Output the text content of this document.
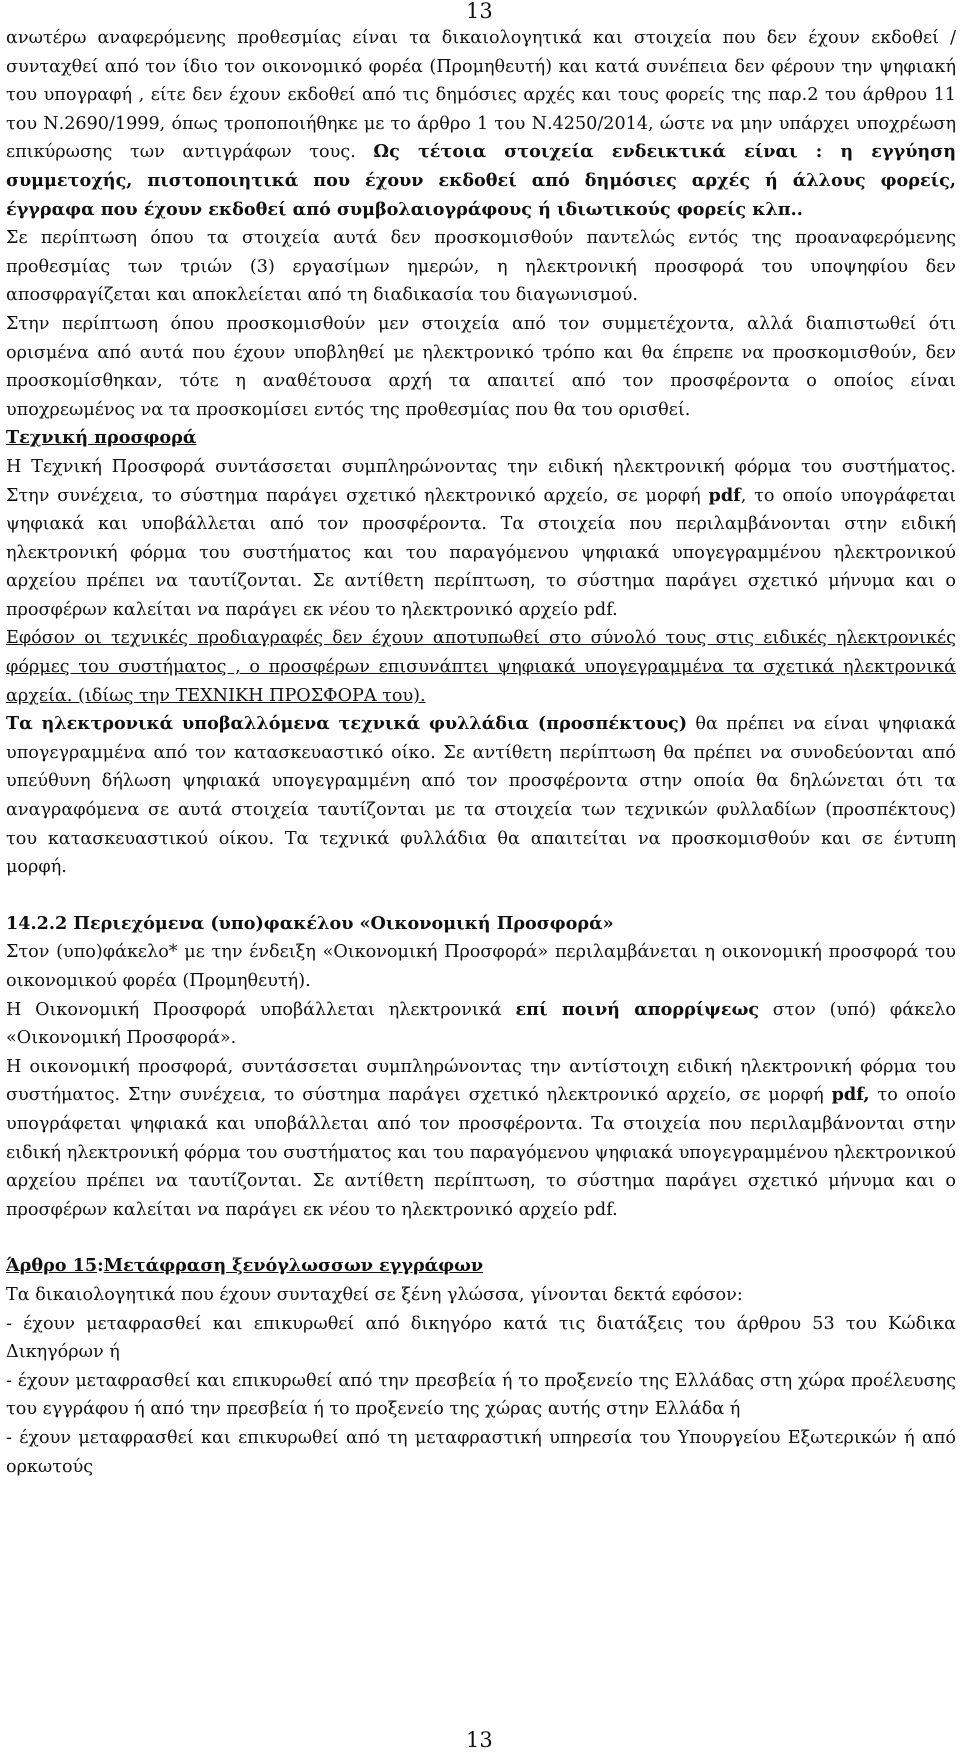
13

ανωτέρω αναφερόμενης προθεσμίας είναι τα δικαιολογητικά και στοιχεία που δεν έχουν εκδοθεί /συνταχθεί από τον ίδιο τον οικονομικό φορέα (Προμηθευτή) και κατά συνέπεια δεν φέρουν την ψηφιακή του υπογραφή , είτε δεν έχουν εκδοθεί από τις δημόσιες αρχές και τους φορείς της παρ.2 του άρθρου 11 του Ν.2690/1999, όπως τροποποιήθηκε με το άρθρο 1 του Ν.4250/2014, ώστε να μην υπάρχει υποχρέωση επικύρωσης των αντιγράφων τους. Ως τέτοια στοιχεία ενδεικτικά είναι : η εγγύηση συμμετοχής, πιστοποιητικά που έχουν εκδοθεί από δημόσιες αρχές ή άλλους φορείς, έγγραφα που έχουν εκδοθεί από συμβολαιογράφους ή ιδιωτικούς φορείς κλπ..

Σε περίπτωση όπου τα στοιχεία αυτά δεν προσκομισθούν παντελώς εντός της προαναφερόμενης προθεσμίας των τριών (3) εργασίμων ημερών, η ηλεκτρονική προσφορά του υποψηφίου δεν αποσφραγίζεται και αποκλείεται από τη διαδικασία του διαγωνισμού.

Στην περίπτωση όπου προσκομισθούν μεν στοιχεία από τον συμμετέχοντα, αλλά διαπιστωθεί ότι ορισμένα από αυτά που έχουν υποβληθεί με ηλεκτρονικό τρόπο και θα έπρεπε να προσκομισθούν, δεν προσκομίσθηκαν, τότε η αναθέτουσα αρχή τα απαιτεί από τον προσφέροντα ο οποίος είναι υποχρεωμένος να τα προσκομίσει εντός της προθεσμίας που θα του ορισθεί.

Τεχνική προσφορά

Η Τεχνική Προσφορά συντάσσεται συμπληρώνοντας την ειδική ηλεκτρονική φόρμα του συστήματος. Στην συνέχεια, το σύστημα παράγει σχετικό ηλεκτρονικό αρχείο, σε μορφή pdf, το οποίο υπογράφεται ψηφιακά και υποβάλλεται από τον προσφέροντα. Τα στοιχεία που περιλαμβάνονται στην ειδική ηλεκτρονική φόρμα του συστήματος και του παραγόμενου ψηφιακά υπογεγραμμένου ηλεκτρονικού αρχείου πρέπει να ταυτίζονται. Σε αντίθετη περίπτωση, το σύστημα παράγει σχετικό μήνυμα και ο προσφέρων καλείται να παράγει εκ νέου το ηλεκτρονικό αρχείο pdf.

Εφόσον οι τεχνικές προδιαγραφές δεν έχουν αποτυπωθεί στο σύνολό τους στις ειδικές ηλεκτρονικές φόρμες του συστήματος , ο προσφέρων επισυνάπτει ψηφιακά υπογεγραμμένα τα σχετικά ηλεκτρονικά αρχεία. (ιδίως την ΤΕΧΝΙΚΗ ΠΡΟΣΦΟΡΑ του).

Τα ηλεκτρονικά υποβαλλόμενα τεχνικά φυλλάδια (προσπέκτους) θα πρέπει να είναι ψηφιακά υπογεγραμμένα από τον κατασκευαστικό οίκο. Σε αντίθετη περίπτωση θα πρέπει να συνοδεύονται από υπεύθυνη δήλωση ψηφιακά υπογεγραμμένη από τον προσφέροντα στην οποία θα δηλώνεται ότι τα αναγραφόμενα σε αυτά στοιχεία ταυτίζονται με τα στοιχεία των τεχνικών φυλλαδίων (προσπέκτους) του κατασκευαστικού οίκου. Τα τεχνικά φυλλάδια θα απαιτείται να προσκομισθούν και σε έντυπη μορφή.

14.2.2 Περιεχόμενα (υπο)φακέλου «Οικονομική Προσφορά»

Στον (υπο)φάκελο* με την ένδειξη «Οικονομική Προσφορά» περιλαμβάνεται η οικονομική προσφορά του οικονομικού φορέα (Προμηθευτή).

Η Οικονομική Προσφορά υποβάλλεται ηλεκτρονικά επί ποινή απορρίψεως στον (υπό) φάκελο «Οικονομική Προσφορά».

Η οικονομική προσφορά, συντάσσεται συμπληρώνοντας την αντίστοιχη ειδική ηλεκτρονική φόρμα του συστήματος. Στην συνέχεια, το σύστημα παράγει σχετικό ηλεκτρονικό αρχείο, σε μορφή pdf, το οποίο υπογράφεται ψηφιακά και υποβάλλεται από τον προσφέροντα. Τα στοιχεία που περιλαμβάνονται στην ειδική ηλεκτρονική φόρμα του συστήματος και του παραγόμενου ψηφιακά υπογεγραμμένου ηλεκτρονικού αρχείου πρέπει να ταυτίζονται. Σε αντίθετη περίπτωση, το σύστημα παράγει σχετικό μήνυμα και ο προσφέρων καλείται να παράγει εκ νέου το ηλεκτρονικό αρχείο pdf.

Άρθρο 15:Μετάφραση ξενόγλωσσων εγγράφων

Τα δικαιολογητικά που έχουν συνταχθεί σε ξένη γλώσσα, γίνονται δεκτά εφόσον:

- έχουν μεταφρασθεί και επικυρωθεί από δικηγόρο κατά τις διατάξεις του άρθρου 53 του Κώδικα Δικηγόρων ή

- έχουν μεταφρασθεί και επικυρωθεί από την πρεσβεία ή το προξενείο της Ελλάδας στη χώρα προέλευσης του εγγράφου ή από την πρεσβεία ή το προξενείο της χώρας αυτής στην Ελλάδα ή

- έχουν μεταφρασθεί και επικυρωθεί από τη μεταφραστική υπηρεσία του Υπουργείου Εξωτερικών ή από ορκωτούς

13
